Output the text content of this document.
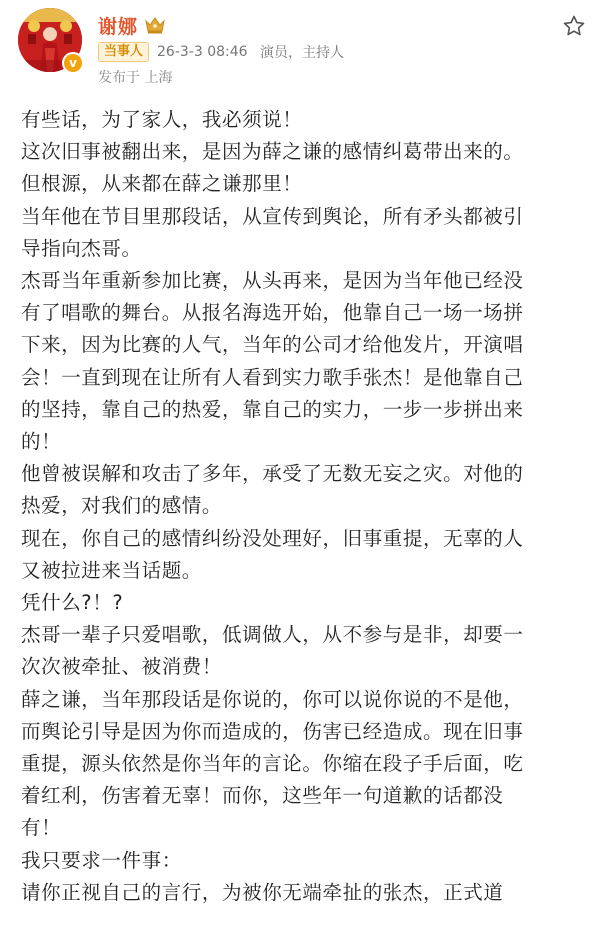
v
谢娜
当事人	26-3-3 08:46
演员 ， 主持人
发布于 上海

有些话，为了家人，我必须说！

这次旧事被翻出来，是因为薛之谦的感情纠葛带出来的。

但根源，从来都在薛之谦那里！

当年他在节目里那段话，从宣传到舆论，所有矛头都被引

导指向杰哥。

杰哥当年重新参加比赛，从头再来，是因为当年他已经没

有了唱歌的舞台。从报名海选开始，他靠自己一场一场拼

下来，因为比赛的人气，当年的公司才给他发片，开演唱

会！一直到现在让所有人看到实力歌手张杰！是他靠自己

的坚持，靠自己的热爱，靠自己的实力，一步一步拼出来

的！

他曾被误解和攻击了多年，承受了无数无妄之灾。对他的

热爱，对我们的感情。

现在，你自己的感情纠纷没处理好，旧事重提，无辜的人

又被拉进来当话题。

凭什么?！?

杰哥一辈子只爱唱歌，低调做人，从不参与是非，却要一

次次被牵扯、被消费！

薛之谦，当年那段话是你说的，你可以说你说的不是他，

而舆论引导是因为你而造成的，伤害已经造成。现在旧事

重提，源头依然是你当年的言论。你缩在段子手后面，吃

着红利，伤害着无辜！而你，这些年一句道歉的话都没

有！

我只要求一件事：

请你正视自己的言行，为被你无端牵扯的张杰，正式道
